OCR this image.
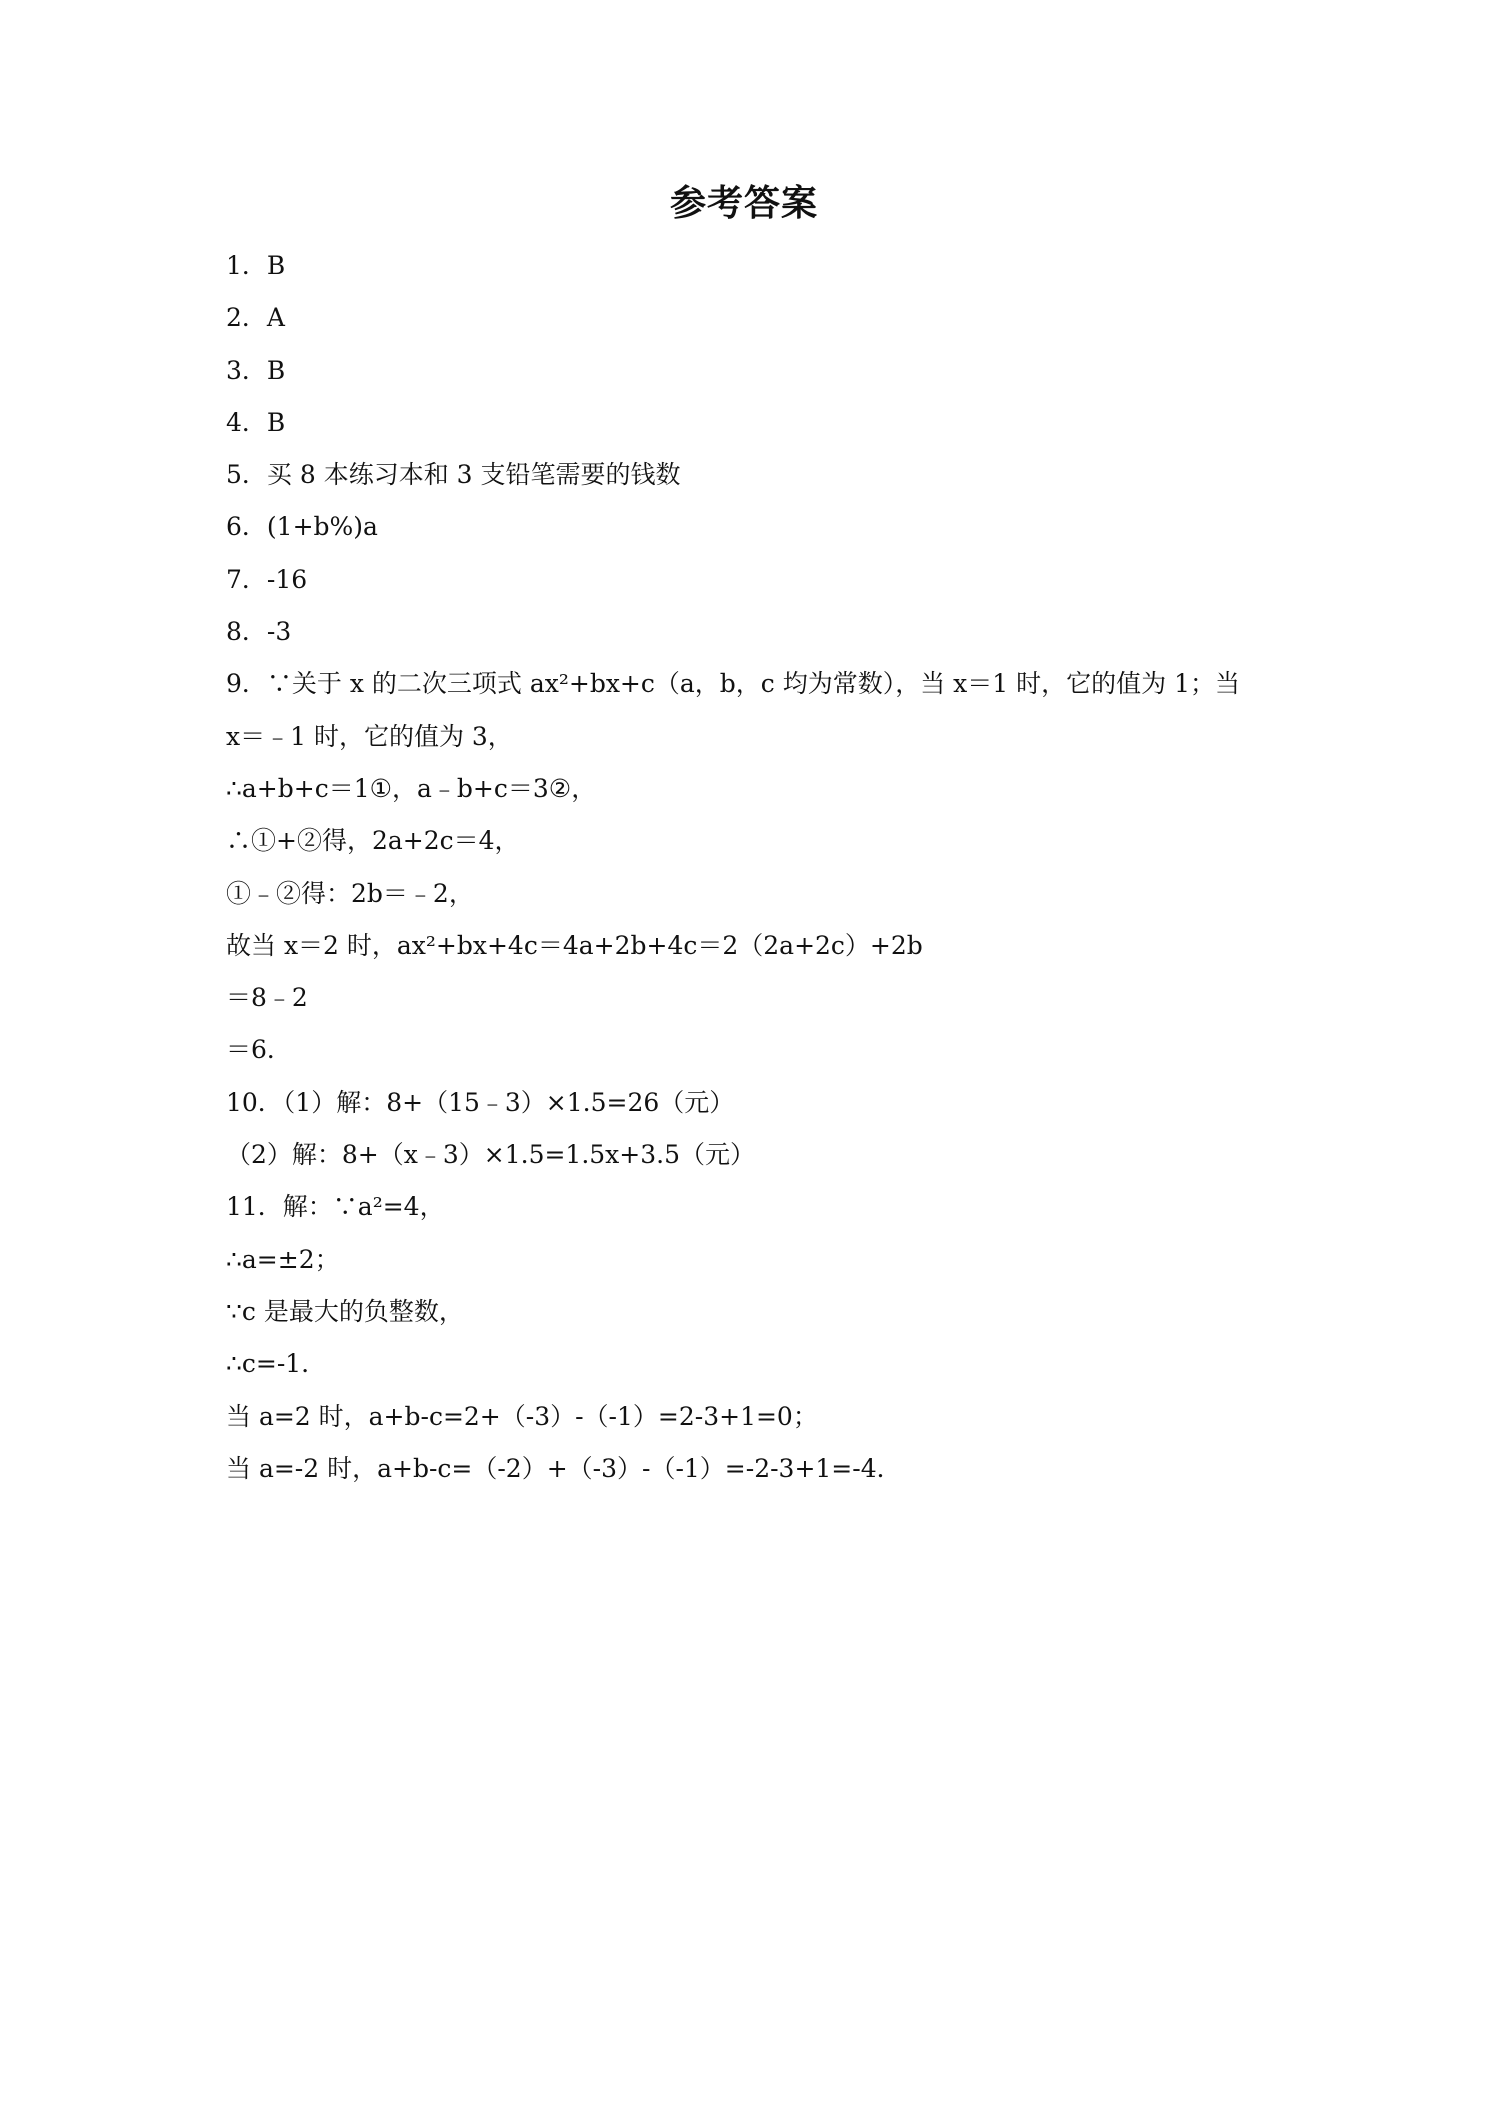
参考答案
1．B
2．A
3．B
4．B
5．买 8 本练习本和 3 支铅笔需要的钱数
6．(1+b%)a
7．-16
8．-3
9．∵关于 x 的二次三项式 ax²+bx+c（a，b，c 均为常数），当 x＝1 时，它的值为 1；当
x＝﹣1 时，它的值为 3，
∴a+b+c＝1①，a﹣b+c＝3②，
∴①+②得，2a+2c＝4，
①﹣②得：2b＝﹣2，
故当 x＝2 时，ax²+bx+4c＝4a+2b+4c＝2（2a+2c）+2b
＝8﹣2
＝6．
10．（1）解：8+（15﹣3）×1.5=26（元）
（2）解：8+（x﹣3）×1.5=1.5x+3.5（元）
11．解：∵a²=4，
∴a=±2；
∵c 是最大的负整数，
∴c=-1．
当 a=2 时，a+b-c=2+（-3）-（-1）=2-3+1=0；
当 a=-2 时，a+b-c=（-2）+（-3）-（-1）=-2-3+1=-4．
